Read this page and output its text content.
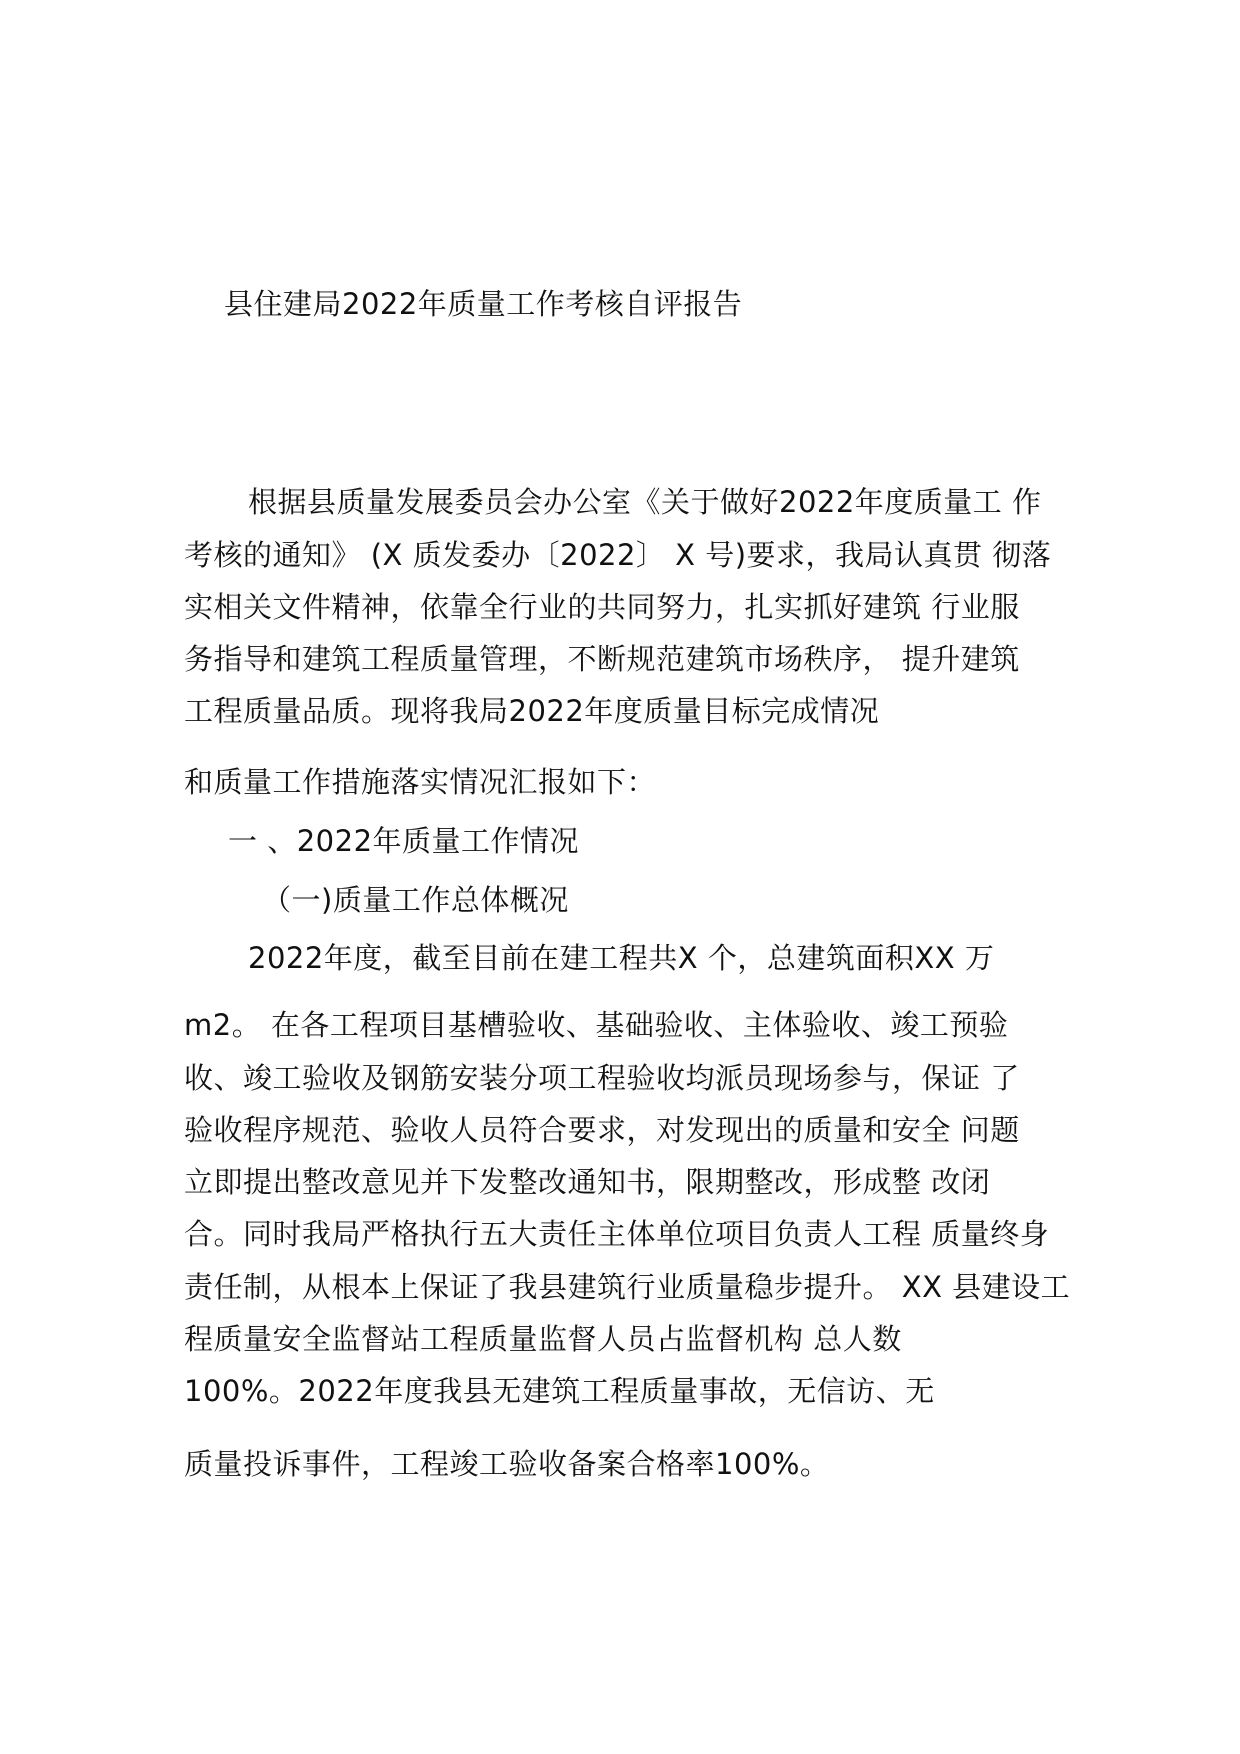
县住建局2022年质量工作考核自评报告

根据县质量发展委员会办公室《关于做好2022年度质量工 作

考核的通知》 (X 质发委办〔2022〕 X 号)要求，我局认真贯 彻落

实相关文件精神，依靠全行业的共同努力，扎实抓好建筑 行业服

务指导和建筑工程质量管理，不断规范建筑市场秩序， 提升建筑

工程质量品质。现将我局2022年度质量目标完成情况

和质量工作措施落实情况汇报如下：

一 、2022年质量工作情况

（一)质量工作总体概况

2022年度，截至目前在建工程共X 个，总建筑面积XX 万

m2。 在各工程项目基槽验收、基础验收、主体验收、竣工预验

收、竣工验收及钢筋安装分项工程验收均派员现场参与，保证 了

验收程序规范、验收人员符合要求，对发现出的质量和安全 问题

立即提出整改意见并下发整改通知书，限期整改，形成整 改闭

合。同时我局严格执行五大责任主体单位项目负责人工程 质量终身

责任制，从根本上保证了我县建筑行业质量稳步提升。 XX 县建设工

程质量安全监督站工程质量监督人员占监督机构 总人数

100%。2022年度我县无建筑工程质量事故，无信访、无

质量投诉事件，工程竣工验收备案合格率100%。
